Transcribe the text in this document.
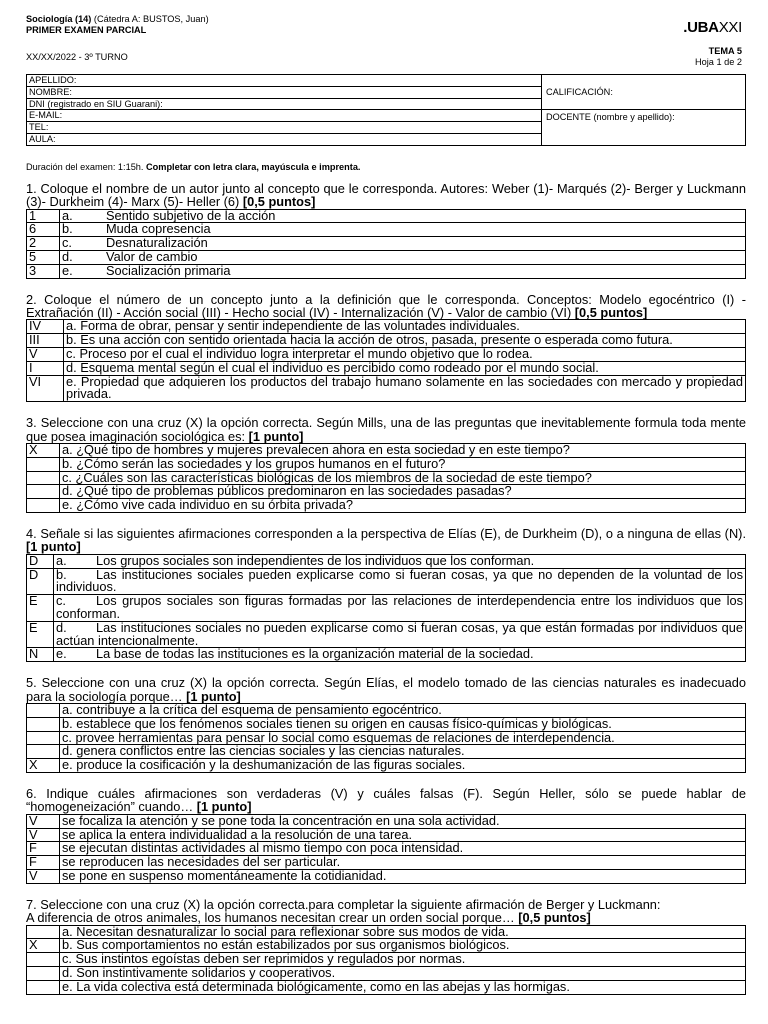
Sociología (14) (Cátedra A: BUSTOS, Juan)
PRIMER EXAMEN PARCIAL	.UBAXXI
XX/XX/2022 - 3º TURNO
TEMA 5
Hoja 1 de 2
APELLIDO:	CALIFICACIÓN:
NOMBRE:	
DNI (registrado en SIU Guarani):	
E-MAIL:	DOCENTE (nombre y apellido):
TEL:	
AULA:	
Duración del examen: 1:15h. Completar con letra clara, mayúscula e imprenta.

1. Coloque el nombre de un autor junto al concepto que le corresponda. Autores: Weber (1)- Marqués (2)- Berger y Luckmann (3)- Durkheim (4)- Marx (5)- Heller (6) [0,5 puntos]

1	a. Sentido subjetivo de la acción
6	b. Muda copresencia
2	c. Desnaturalización
5	d. Valor de cambio
3	e. Socialización primaria

2. Coloque el número de un concepto junto a la definición que le corresponda. Conceptos: Modelo egocéntrico (I) - Extrañación (II) - Acción social (III) - Hecho social (IV) - Internalización (V) - Valor de cambio (VI) [0,5 puntos]

IV	a. Forma de obrar, pensar y sentir independiente de las voluntades individuales.
III	b. Es una acción con sentido orientada hacia la acción de otros, pasada, presente o esperada como futura.
V	c. Proceso por el cual el individuo logra interpretar el mundo objetivo que lo rodea.
I	d. Esquema mental según el cual el individuo es percibido como rodeado por el mundo social.
VI	e. Propiedad que adquieren los productos del trabajo humano solamente en las sociedades con mercado y propiedad privada.

3. Seleccione con una cruz (X) la opción correcta. Según Mills, una de las preguntas que inevitablemente formula toda mente que posea imaginación sociológica es: [1 punto]

X	a. ¿Qué tipo de hombres y mujeres prevalecen ahora en esta sociedad y en este tiempo?
	b. ¿Cómo serán las sociedades y los grupos humanos en el futuro?
	c. ¿Cuáles son las características biológicas de los miembros de la sociedad de este tiempo?
	d. ¿Qué tipo de problemas públicos predominaron en las sociedades pasadas?
	e. ¿Cómo vive cada individuo en su órbita privada?

4. Señale si las siguientes afirmaciones corresponden a la perspectiva de Elías (E), de Durkheim (D), o a ninguna de ellas (N). [1 punto]

D	a. Los grupos sociales son independientes de los individuos que los conforman.
D	b. Las instituciones sociales pueden explicarse como si fueran cosas, ya que no dependen de la voluntad de los individuos.
E	c. Los grupos sociales son figuras formadas por las relaciones de interdependencia entre los individuos que los conforman.
E	d. Las instituciones sociales no pueden explicarse como si fueran cosas, ya que están formadas por individuos que actúan intencionalmente.
N	e. La base de todas las instituciones es la organización material de la sociedad.

5. Seleccione con una cruz (X) la opción correcta. Según Elías, el modelo tomado de las ciencias naturales es inadecuado para la sociología porque… [1 punto]

	a. contribuye a la crítica del esquema de pensamiento egocéntrico.
	b. establece que los fenómenos sociales tienen su origen en causas físico-químicas y biológicas.
	c. provee herramientas para pensar lo social como esquemas de relaciones de interdependencia.
	d. genera conflictos entre las ciencias sociales y las ciencias naturales.
X	e. produce la cosificación y la deshumanización de las figuras sociales.

6. Indique cuáles afirmaciones son verdaderas (V) y cuáles falsas (F). Según Heller, sólo se puede hablar de “homogeneización” cuando… [1 punto]

V	se focaliza la atención y se pone toda la concentración en una sola actividad.
V	se aplica la entera individualidad a la resolución de una tarea.
F	se ejecutan distintas actividades al mismo tiempo con poca intensidad.
F	se reproducen las necesidades del ser particular.
V	se pone en suspenso momentáneamente la cotidianidad.

7. Seleccione con una cruz (X) la opción correcta.para completar la siguiente afirmación de Berger y Luckmann:
A diferencia de otros animales, los humanos necesitan crear un orden social porque… [0,5 puntos]

	a. Necesitan desnaturalizar lo social para reflexionar sobre sus modos de vida.
X	b. Sus comportamientos no están estabilizados por sus organismos biológicos.
	c. Sus instintos egoístas deben ser reprimidos y regulados por normas.
	d. Son instintivamente solidarios y cooperativos.
	e. La vida colectiva está determinada biológicamente, como en las abejas y las hormigas.
